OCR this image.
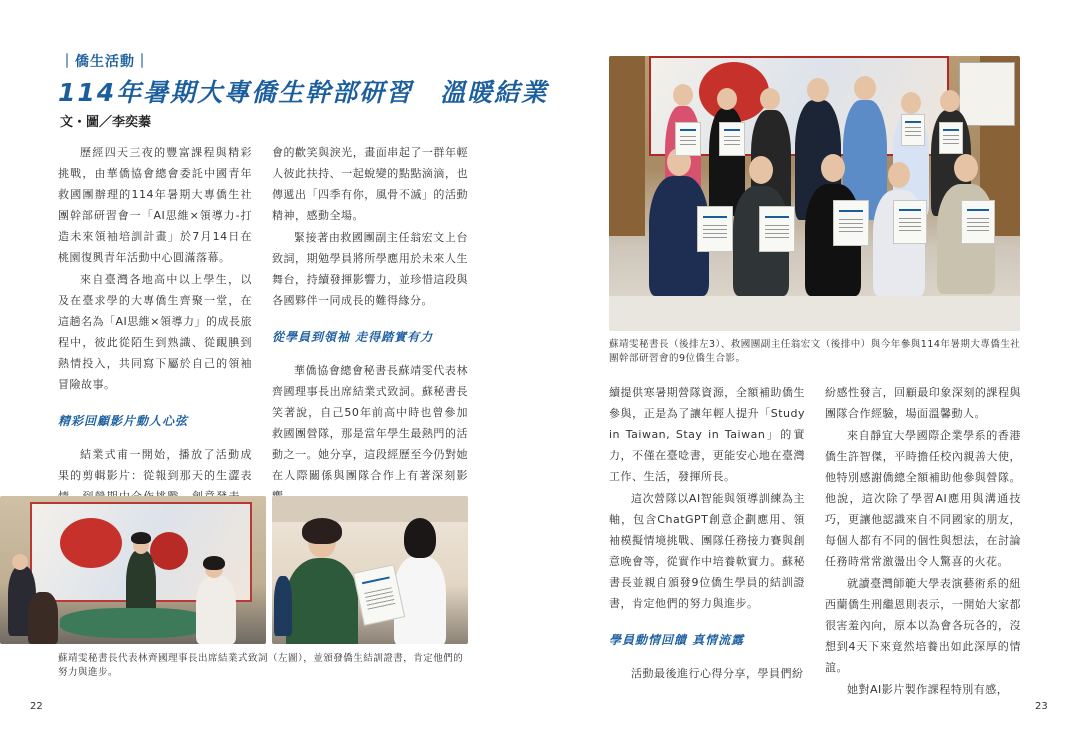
｜僑生活動｜
114年暑期大專僑生幹部研習　溫暖結業
文・圖／李奕蓁

歷經四天三夜的豐富課程與精彩挑戰，由華僑協會總會委託中國青年救國團辦理的114年暑期大專僑生社團幹部研習會一「AI思維×領導力-打造未來領袖培訓計畫」於7月14日在桃園復興青年活動中心圓滿落幕。

來自臺灣各地高中以上學生，以及在臺求學的大專僑生齊聚一堂，在這趟名為「AI思維×領導力」的成長旅程中，彼此從陌生到熟識、從靦腆到熱情投入，共同寫下屬於自己的領袖冒險故事。

精彩回顧影片動人心弦

結業式甫一開始，播放了活動成果的剪輯影片：從報到那天的生澀表

會的歡笑與淚光，畫面串起了一群年輕人彼此扶持、一起蛻變的點點滴滴，也傳遞出「四季有你，風骨不滅」的活動精神，感動全場。

緊接著由救國團副主任翁宏文上台致詞，期勉學員將所學應用於未來人生舞台，持續發揮影響力，並珍惜這段與各國夥伴一同成長的難得緣分。

從學員到領袖 走得踏實有力

華僑協會總會秘書長蘇靖雯代表林齊國理事長出席結業式致詞。蘇秘書長笑著說，自己50年前高中時也曾參加救國團營隊，那是當年學生最熱門的活動之一。她分享，這段經歷至今仍對她在人際關係與團隊合作上有著深刻影

蘇靖雯秘書長代表林齊國理事長出席結業式致詞（左圖），並頒發僑生結訓證書，肯定他們的努力與進步。
22
蘇靖雯秘書長（後排左3）、救國團副主任翁宏文（後排中）與今年參與114年暑期大專僑生社團幹部研習會的9位僑生合影。

續提供寒暑期營隊資源，全額補助僑生參與，正是為了讓年輕人提升「Study in Taiwan, Stay in Taiwan」的實力，不僅在臺唸書，更能安心地在臺灣工作、生活，發揮所長。

這次營隊以AI智能與領導訓練為主軸，包含ChatGPT創意企劃應用、領袖模擬情境挑戰、團隊任務接力賽與創意晚會等，從實作中培養軟實力。蘇秘書長並親自頒發9位僑生學員的結訓證書，肯定他們的努力與進步。

學員動情回饋 真情流露

活動最後進行心得分享，學員們紛

紛感性發言，回顧最印象深刻的課程與團隊合作經驗，場面溫馨動人。

來自靜宜大學國際企業學系的香港僑生許智傑，平時擔任校內親善大使，他特別感謝僑總全額補助他參與營隊。他說，這次除了學習AI應用與溝通技巧，更讓他認識來自不同國家的朋友，每個人都有不同的個性與想法，在討論任務時常常激盪出令人驚喜的火花。

就讀臺灣師範大學表演藝術系的紐西蘭僑生刑繼恩則表示，一開始大家都很害羞內向，原本以為會各玩各的，沒想到4天下來竟然培養出如此深厚的情誼。

她對AI影片製作課程特別有感，

23
